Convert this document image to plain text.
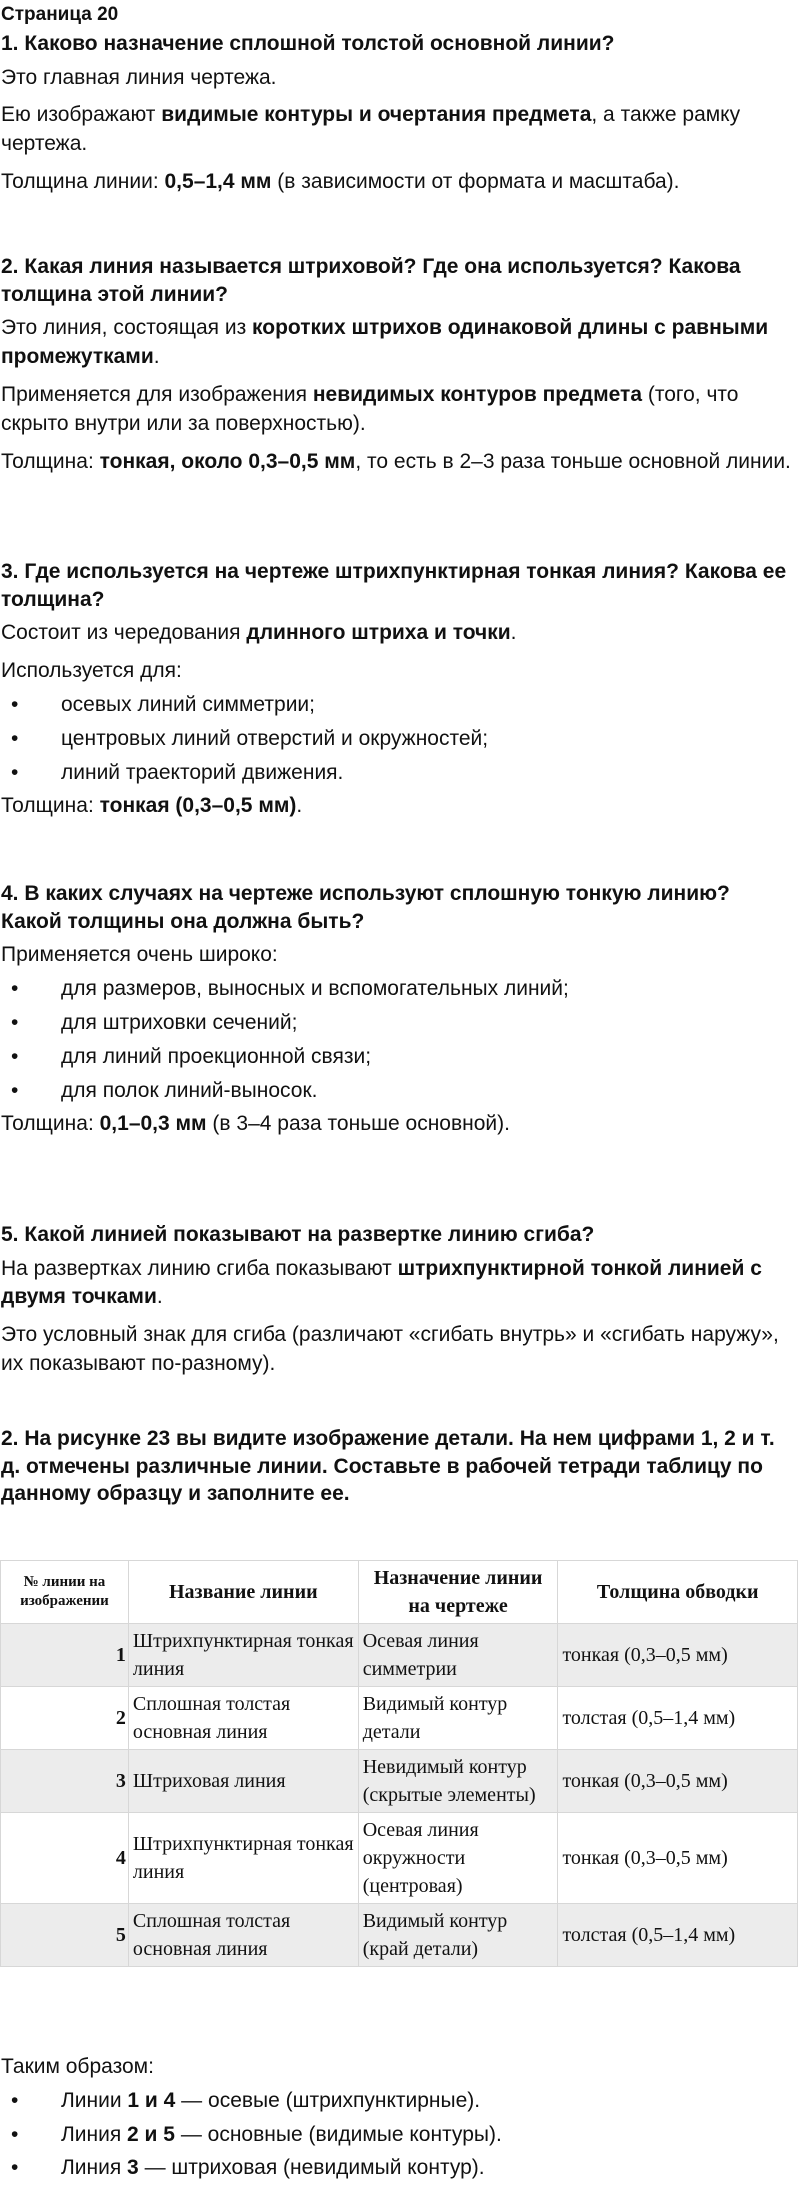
Страница 20
1. Каково назначение сплошной толстой основной линии?

Это главная линия чертежа.

Ею изображают видимые контуры и очертания предмета, а также рамку чертежа.

Толщина линии: 0,5–1,4 мм (в зависимости от формата и масштаба).

2. Какая линия называется штриховой? Где она используется? Какова толщина этой линии?

Это линия, состоящая из коротких штрихов одинаковой длины с равными промежутками.

Применяется для изображения невидимых контуров предмета (того, что скрыто внутри или за поверхностью).

Толщина: тонкая, около 0,3–0,5 мм, то есть в 2–3 раза тоньше основной линии.

3. Где используется на чертеже штрихпунктирная тонкая линия? Какова ее толщина?

Состоит из чередования длинного штриха и точки.

Используется для:

• осевых линий симметрии;
• центровых линий отверстий и окружностей;
• линий траекторий движения.

Толщина: тонкая (0,3–0,5 мм).

4. В каких случаях на чертеже используют сплошную тонкую линию? Какой толщины она должна быть?

Применяется очень широко:

• для размеров, выносных и вспомогательных линий;
• для штриховки сечений;
• для линий проекционной связи;
• для полок линий-выносок.

Толщина: 0,1–0,3 мм (в 3–4 раза тоньше основной).

5. Какой линией показывают на развертке линию сгиба?

На развертках линию сгиба показывают штрихпунктирной тонкой линией с двумя точками.

Это условный знак для сгиба (различают «сгибать внутрь» и «сгибать наружу», их показывают по-разному).

2. На рисунке 23 вы видите изображение детали. На нем цифрами 1, 2 и т. д. отмечены различные линии. Составьте в рабочей тетради таблицу по данному образцу и заполните ее.
№ линии на изображении	Название линии	Назначение линии на чертеже	Толщина обводки
1	Штрихпунктирная тонкая линия	Осевая линия симметрии	тонкая (0,3–0,5 мм)
2	Сплошная толстая основная линия	Видимый контур детали	толстая (0,5–1,4 мм)
3	Штриховая линия	Невидимый контур (скрытые элементы)	тонкая (0,3–0,5 мм)
4	Штрихпунктирная тонкая линия	Осевая линия окружности (центровая)	тонкая (0,3–0,5 мм)
5	Сплошная толстая основная линия	Видимый контур (край детали)	толстая (0,5–1,4 мм)

Таким образом:

• Линии 1 и 4 — осевые (штрихпунктирные).
• Линия 2 и 5 — основные (видимые контуры).
• Линия 3 — штриховая (невидимый контур).
